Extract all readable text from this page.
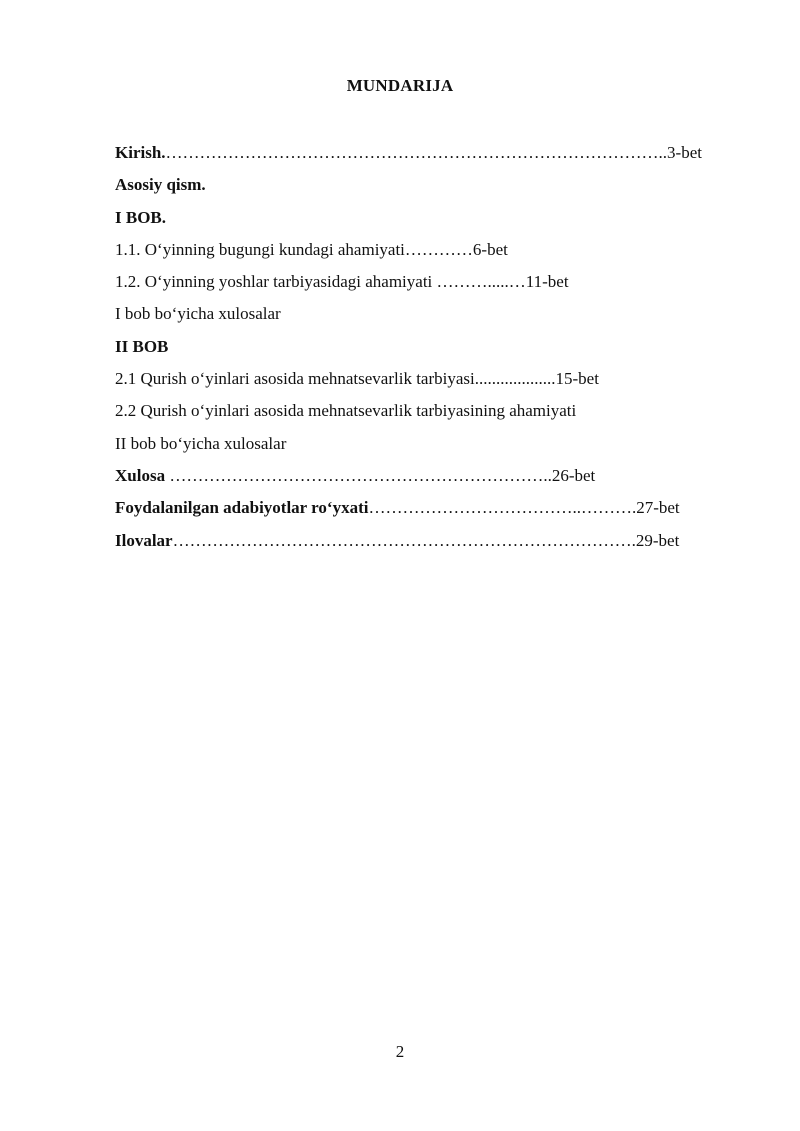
MUNDARIJA
Kirish.……………………………………………………………………………..3-bet
Asosiy qism.
I BOB.
1.1. O‘yinning bugungi kundagi ahamiyati…………6-bet
1.2. O‘yinning yoshlar tarbiyasidagi ahamiyati ……….....…11-bet
I bob bo‘yicha xulosalar
II BOB
2.1 Qurish o‘yinlari asosida mehnatsevarlik tarbiyasi...................15-bet
2.2 Qurish o‘yinlari asosida mehnatsevarlik tarbiyasining ahamiyati
II bob bo‘yicha xulosalar
Xulosa …………………………………………………………..26-bet
Foydalanilgan adabiyotlar ro‘yxati………………………………..……….27-bet
Ilovalar……………………………………………………………………….29-bet
2
